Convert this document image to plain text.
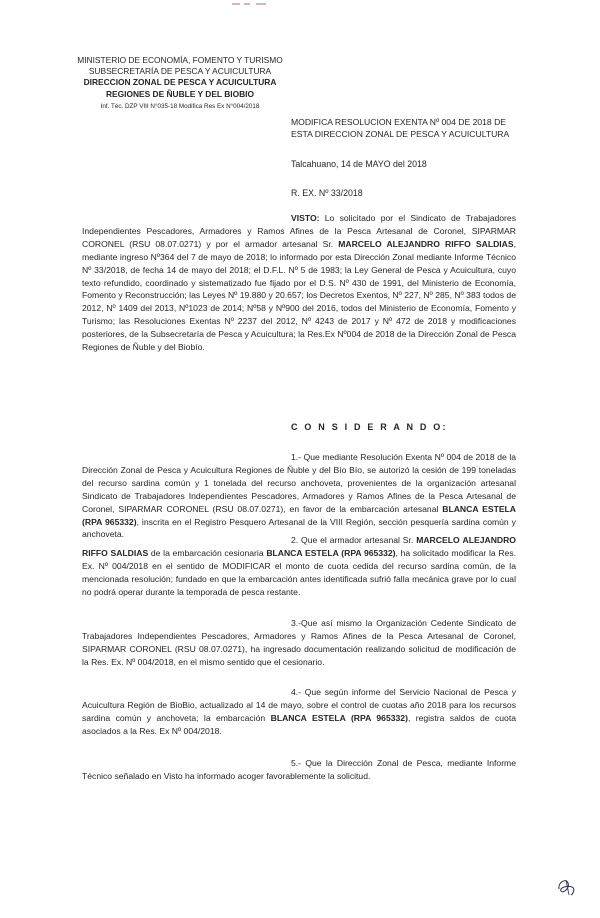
MINISTERIO DE ECONOMÍA, FOMENTO Y TURISMO
SUBSECRETARÍA DE PESCA Y ACUICULTURA
DIRECCION ZONAL DE PESCA Y ACUICULTURA
REGIONES DE ÑUBLE Y DEL BIOBIO
Inf. Téc. DZP VIII N°035-18 Modifica Res Ex N°004/2018
MODIFICA RESOLUCION EXENTA Nº 004 DE 2018 DE ESTA DIRECCION ZONAL DE PESCA Y ACUICULTURA
Talcahuano, 14 de MAYO del 2018
R. EX. Nº 33/2018
VISTO: Lo solicitado por el Sindicato de Trabajadores Independientes Pescadores, Armadores y Ramos Afines de la Pesca Artesanal de Coronel, SIPARMAR CORONEL (RSU 08.07.0271) y por el armador artesanal Sr. MARCELO ALEJANDRO RIFFO SALDIAS, mediante ingreso Nº364 del 7 de mayo de 2018; lo informado por esta Dirección Zonal mediante Informe Técnico Nº 33/2018, de fecha 14 de mayo del 2018; el D.F.L. Nº 5 de 1983; la Ley General de Pesca y Acuicultura, cuyo texto refundido, coordinado y sistematizado fue fijado por el D.S. Nº 430 de 1991, del Ministerio de Economía, Fomento y Reconstrucción; las Leyes Nº 19.880 y 20.657; los Decretos Exentos, Nº 227, Nº 285, Nº 383 todos de 2012, Nº 1409 del 2013, Nº1023 de 2014; Nº58 y Nº900 del 2016, todos del Ministerio de Economía, Fomento y Turismo; las Resoluciones Exentas Nº 2237 del 2012, Nº 4243 de 2017 y Nº 472 de 2018 y modificaciones posteriores, de la Subsecretaría de Pesca y Acuicultura; la Res.Ex Nº004 de 2018 de la Dirección Zonal de Pesca Regiones de Ñuble y del Biobío.
C O N S I D E R A N D O:
1.- Que mediante Resolución Exenta Nº 004 de 2018 de la Dirección Zonal de Pesca y Acuicultura Regiones de Ñuble y del Bío Bío, se autorizó la cesión de 199 toneladas del recurso sardina común y 1 tonelada del recurso anchoveta, provenientes de la organización artesanal Sindicato de Trabajadores Independientes Pescadores, Armadores y Ramos Afines de la Pesca Artesanal de Coronel, SIPARMAR CORONEL (RSU 08.07.0271), en favor de la embarcación artesanal BLANCA ESTELA (RPA 965332), inscrita en el Registro Pesquero Artesanal de la VIII Región, sección pesquería sardina común y anchoveta.
2. Que el armador artesanal Sr. MARCELO ALEJANDRO RIFFO SALDIAS de la embarcación cesionaria BLANCA ESTELA (RPA 965332), ha solicitado modificar la Res. Ex. Nº 004/2018 en el sentido de MODIFICAR el monto de cuota cedida del recurso sardina común, de la mencionada resolución; fundado en que la embarcación antes identificada sufrió falla mecánica grave por lo cual no podrá operar durante la temporada de pesca restante.
3.-Que así mismo la Organización Cedente Sindicato de Trabajadores Independientes Pescadores, Armadores y Ramos Afines de la Pesca Artesanal de Coronel, SIPARMAR CORONEL (RSU 08.07.0271), ha ingresado documentación realizando solicitud de modificación de la Res. Ex. Nº 004/2018, en el mismo sentido que el cesionario.
4.- Que según informe del Servicio Nacional de Pesca y Acuicultura Región de BioBio, actualizado al 14 de mayo, sobre el control de cuotas año 2018 para los recursos sardina común y anchoveta; la embarcación BLANCA ESTELA (RPA 965332), registra saldos de cuota asociados a la Res. Ex Nº 004/2018.
5.- Que la Dirección Zonal de Pesca, mediante Informe Técnico señalado en Visto ha informado acoger favorablemente la solicitud.
